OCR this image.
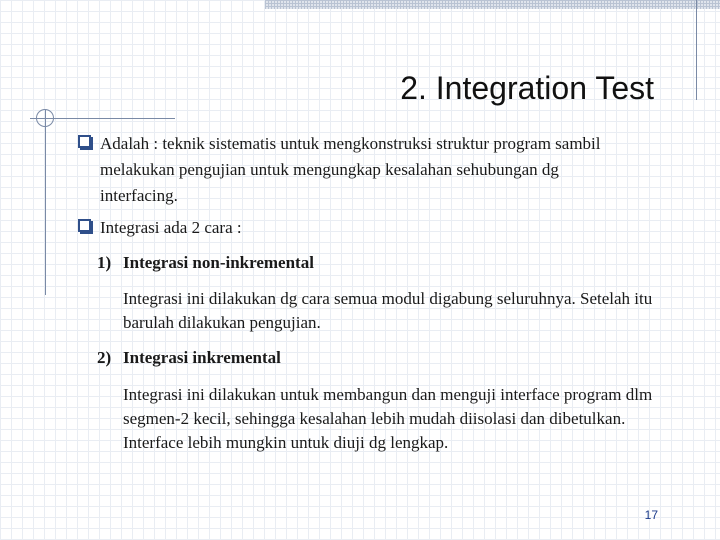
2. Integration Test
Adalah : teknik sistematis untuk mengkonstruksi struktur program sambil melakukan pengujian untuk mengungkap kesalahan sehubungan dg interfacing.
Integrasi ada 2 cara :
1) Integrasi non-inkremental
Integrasi ini dilakukan dg cara semua modul digabung seluruhnya. Setelah itu barulah dilakukan pengujian.
2) Integrasi inkremental
Integrasi ini dilakukan untuk membangun dan menguji interface program dlm segmen-2 kecil, sehingga kesalahan lebih mudah diisolasi dan dibetulkan. Interface lebih mungkin untuk diuji dg lengkap.
17
